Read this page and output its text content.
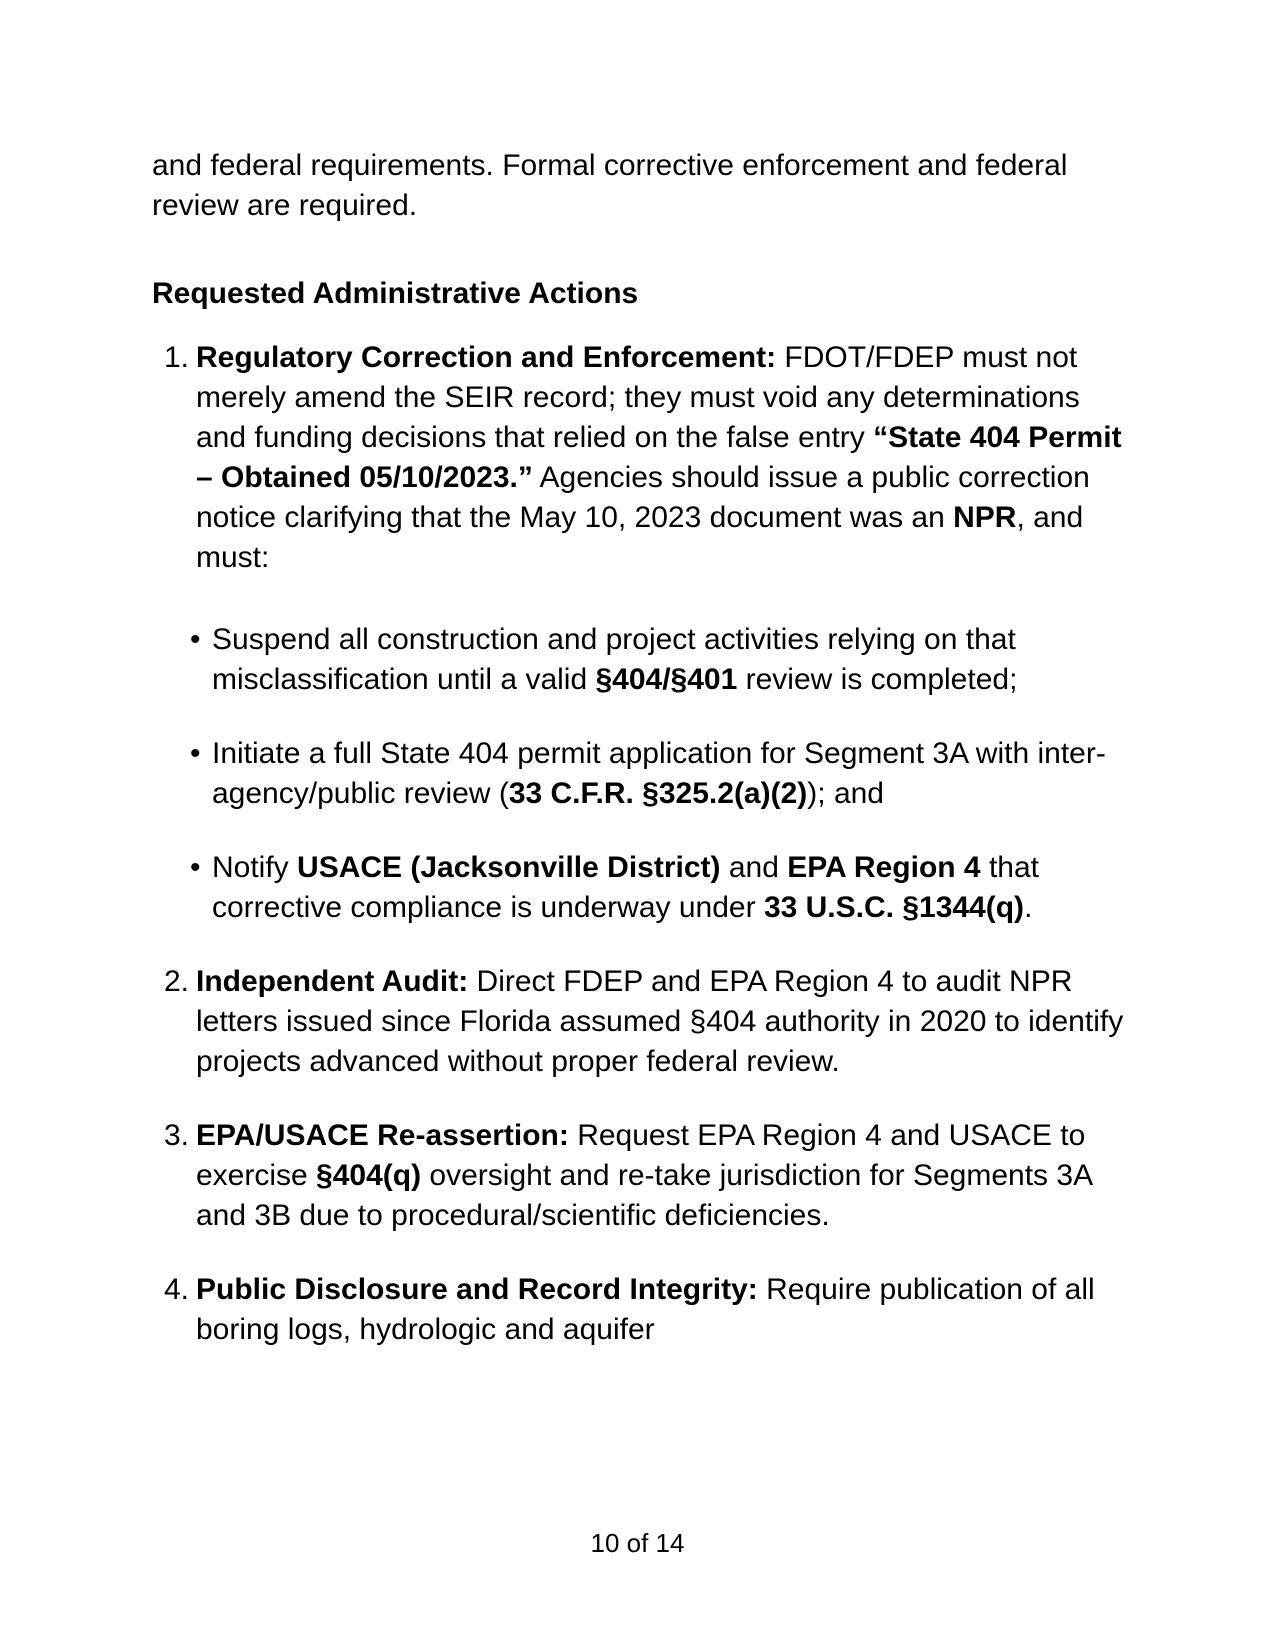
and federal requirements. Formal corrective enforcement and federal review are required.

Requested Administrative Actions
1. Regulatory Correction and Enforcement: FDOT/FDEP must not merely amend the SEIR record; they must void any determinations and funding decisions that relied on the false entry “State 404 Permit – Obtained 05/10/2023.” Agencies should issue a public correction notice clarifying that the May 10, 2023 document was an NPR, and must:
• Suspend all construction and project activities relying on that misclassification until a valid §404/§401 review is completed;
• Initiate a full State 404 permit application for Segment 3A with inter-agency/public review (33 C.F.R. §325.2(a)(2)); and
• Notify USACE (Jacksonville District) and EPA Region 4 that corrective compliance is underway under 33 U.S.C. §1344(q).
2. Independent Audit: Direct FDEP and EPA Region 4 to audit NPR letters issued since Florida assumed §404 authority in 2020 to identify projects advanced without proper federal review.
3. EPA/USACE Re-assertion: Request EPA Region 4 and USACE to exercise §404(q) oversight and re-take jurisdiction for Segments 3A and 3B due to procedural/scientific deficiencies.
4. Public Disclosure and Record Integrity: Require publication of all boring logs, hydrologic and aquifer
10 of 14
